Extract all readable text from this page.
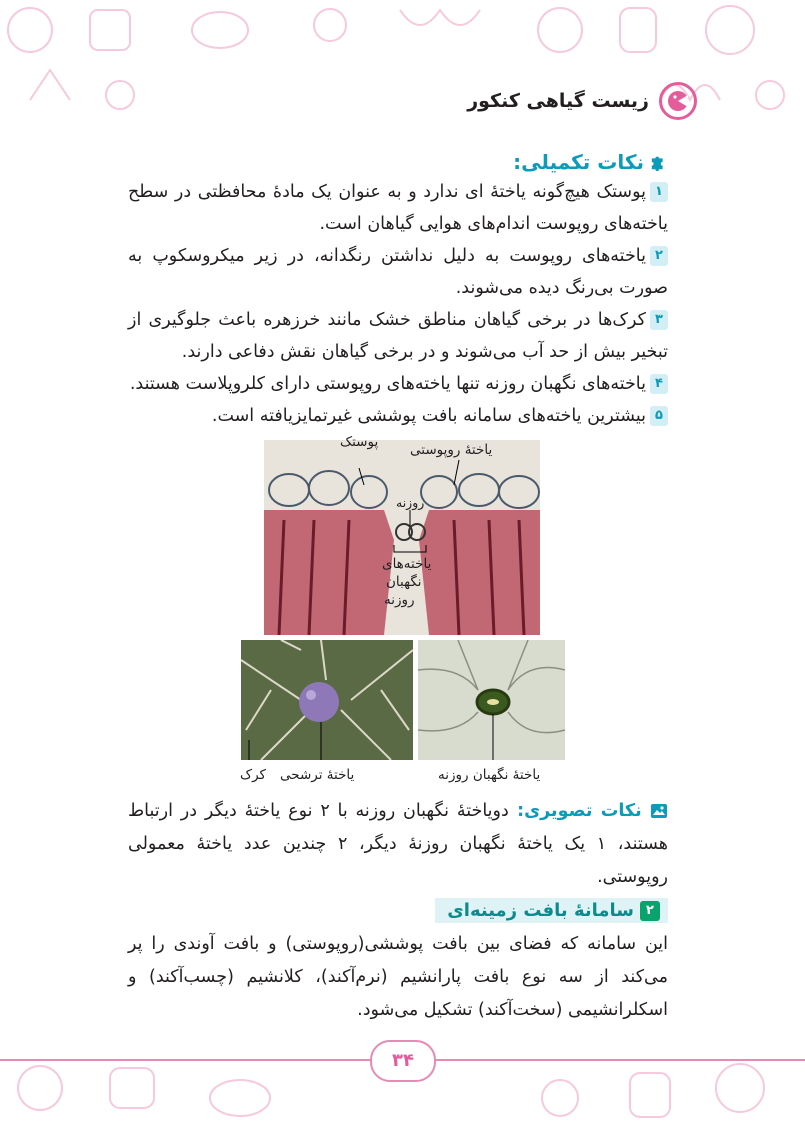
زیست گیاهی کنکور
نکات تکمیلی:

۱پوستک هیچ‌گونه یاختهٔ ای ندارد و به عنوان یک مادهٔ محافظتی در سطح یاخته‌های روپوست اندام‌های هوایی گیاهان است.

۲یاخته‌های روپوست به دلیل نداشتن رنگدانه، در زیر میکروسکوپ به صورت بی‌رنگ دیده می‌شوند.

۳کرک‌ها در برخی گیاهان مناطق خشک مانند خرزهره باعث جلوگیری از تبخیر بیش از حد آب می‌شوند و در برخی گیاهان نقش دفاعی دارند.

۴یاخته‌های نگهبان روزنه تنها یاخته‌های روپوستی دارای کلروپلاست هستند.

۵بیشترین یاخته‌های سامانه بافت پوششی غیرتمایزیافته است.

پوستک یاختهٔ روپوستی
روزنه
یاخته‌های
نگهبان
روزنه
کرک یاختهٔ ترشحی	یاختهٔ نگهبان روزنه
نکات تصویری: دویاختهٔ نگهبان روزنه با ۲ نوع یاختهٔ دیگر در ارتباط هستند، ۱ یک یاختهٔ نگهبان روزنهٔ دیگر، ۲ چندین عدد یاختهٔ معمولی روپوستی.
۲
سامانهٔ بافت زمینه‌ای
این سامانه که فضای بین بافت پوششی(روپوستی) و بافت آوندی را پر می‌کند از سه نوع بافت پارانشیم (نرم‌آکند)، کلانشیم (چسب‌آکند) و اسکلرانشیمی (سخت‌آکند) تشکیل می‌شود.
۳۴
